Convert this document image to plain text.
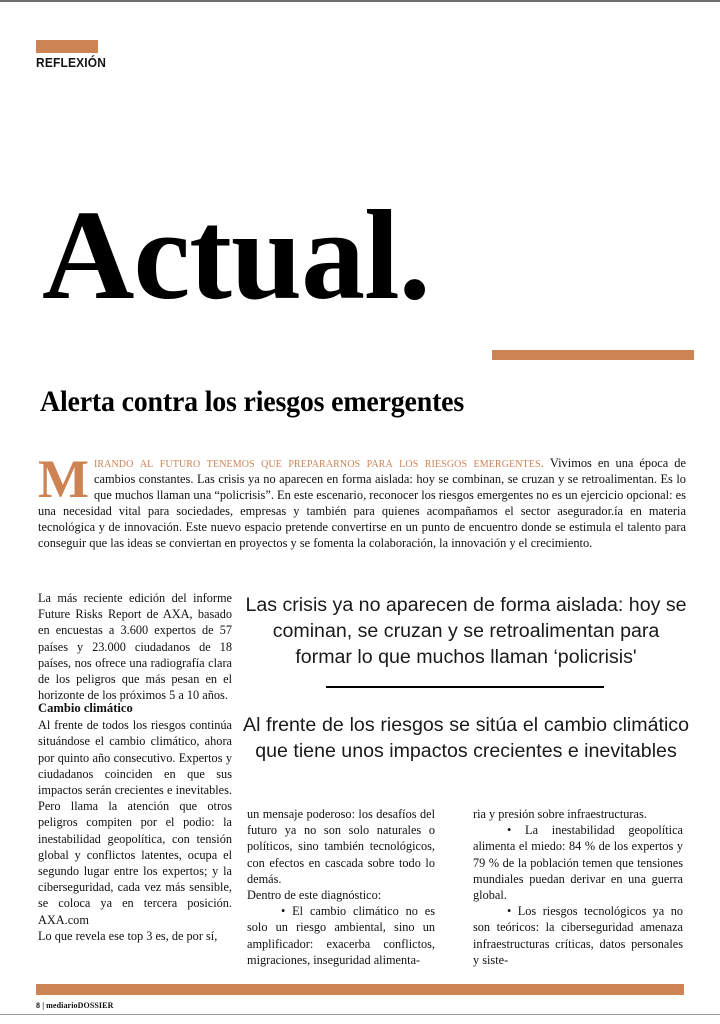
REFLEXIÓN
Actual.
Alerta contra los riesgos emergentes
Mirando al futuro tenemos que prepararnos para los riesgos emergentes. Vivimos en una época de cambios constantes. Las crisis ya no aparecen en forma aislada: hoy se combinan, se cruzan y se retroalimentan. Es lo que muchos llaman una “policrisis”. En este escenario, reconocer los riesgos emergentes no es un ejercicio opcional: es una necesidad vital para sociedades, empresas y también para quienes acompañamos el sector asegurador.ía en materia tecnológica y de innovación. Este nuevo espacio pretende convertirse en un punto de encuentro donde se estimula el talento para conseguir que las ideas se conviertan en proyectos y se fomenta la colaboración, la innovación y el crecimiento.
La más reciente edición del informe Future Risks Report de AXA, basado en encuestas a 3.600 expertos de 57 países y 23.000 ciudadanos de 18 países, nos ofrece una radiografía clara de los peligros que más pesan en el horizonte de los próximos 5 a 10 años.
Cambio climático

Al frente de todos los riesgos continúa situándose el cambio climático, ahora por quinto año consecutivo. Expertos y ciudadanos coinciden en que sus impactos serán crecientes e inevitables. Pero llama la atención que otros peligros compiten por el podio: la inestabilidad geopolítica, con tensión global y conflictos latentes, ocupa el segundo lugar entre los expertos; y la ciberseguridad, cada vez más sensible, se coloca ya en tercera posición. AXA.com

Lo que revela ese top 3 es, de por sí,

Las crisis ya no aparecen de forma aislada: hoy se cominan, se cruzan y se retroalimentan para formar lo que muchos llaman ‘policrisis'
Al frente de los riesgos se sitúa el cambio climático que tiene unos impactos crecientes e inevitables

un mensaje poderoso: los desafíos del futuro ya no son solo naturales o políticos, sino también tecnológicos, con efectos en cascada sobre todo lo demás.

Dentro de este diagnóstico:

• El cambio climático no es solo un riesgo ambiental, sino un amplificador: exacerba conflictos, migraciones, inseguridad alimenta-

ria y presión sobre infraestructuras.

• La inestabilidad geopolítica alimenta el miedo: 84 % de los expertos y 79 % de la población temen que tensiones mundiales puedan derivar en una guerra global.

• Los riesgos tecnológicos ya no son teóricos: la ciberseguridad amenaza infraestructuras críticas, datos personales y siste-

8 | mediarioDOSSIER
